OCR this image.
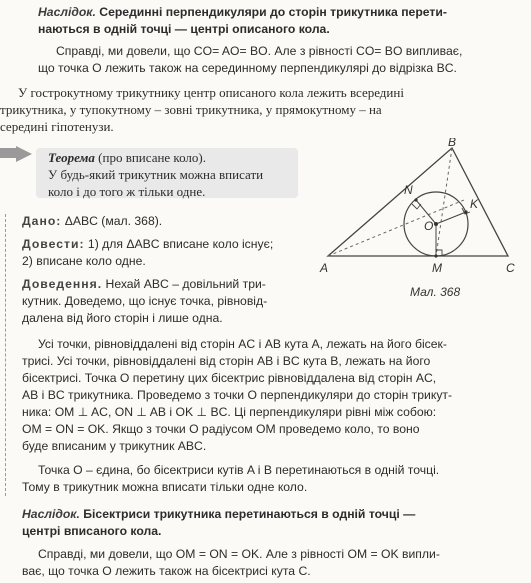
Наслідок. Серединні перпендикуляри до сторін трикутника перети-
наються в одній точці — центрі описаного кола.
Справді, ми довели, що CO= AO= BO. Але з рівності CO= BO випливає,
що точка O лежить також на серединному перпендикулярі до відрізка BC.
У гострокутному трикутнику центр описаного кола лежить всередині
трикутника, у тупокутному – зовні трикутника, у прямокутному – на
середині гіпотенузи.
Теорема (про вписане коло).
У будь-який трикутник можна вписати
коло і до того ж тільки одне.
Дано: ΔABC (мал. 368).
Довести: 1) для ΔABC вписане коло існує;
2) вписане коло одне.
Доведення. Нехай ABC – довільний три-
кутник. Доведемо, що існує точка, рівновід-
далена від його сторін і лише одна.
A
B
C
N
K
M
O
Мал. 368
Усі точки, рівновіддалені від сторін AC і AB кута A, лежать на його бісек-
трисі. Усі точки, рівновіддалені від сторін AB і BC кута B, лежать на його
бісектрисі. Точка O перетину цих бісектрис рівновіддалена від сторін AC,
AB і BC трикутника. Проведемо з точки O перпендикуляри до сторін трикут-
ника: OM ⊥ AC, ON ⊥ AB і OK ⊥ BC. Ці перпендикуляри рівні між собою:
OM = ON = OK. Якщо з точки O радіусом OM проведемо коло, то воно
буде вписаним у трикутник ABC.
Точка O – єдина, бо бісектриси кутів A і B перетинаються в одній точці.
Тому в трикутник можна вписати тільки одне коло.
Наслідок. Бісектриси трикутника перетинаються в одній точці —
центрі вписаного кола.
Справді, ми довели, що OM = ON = OK. Але з рівності OM = OK випли-
ває, що точка O лежить також на бісектрисі кута C.
